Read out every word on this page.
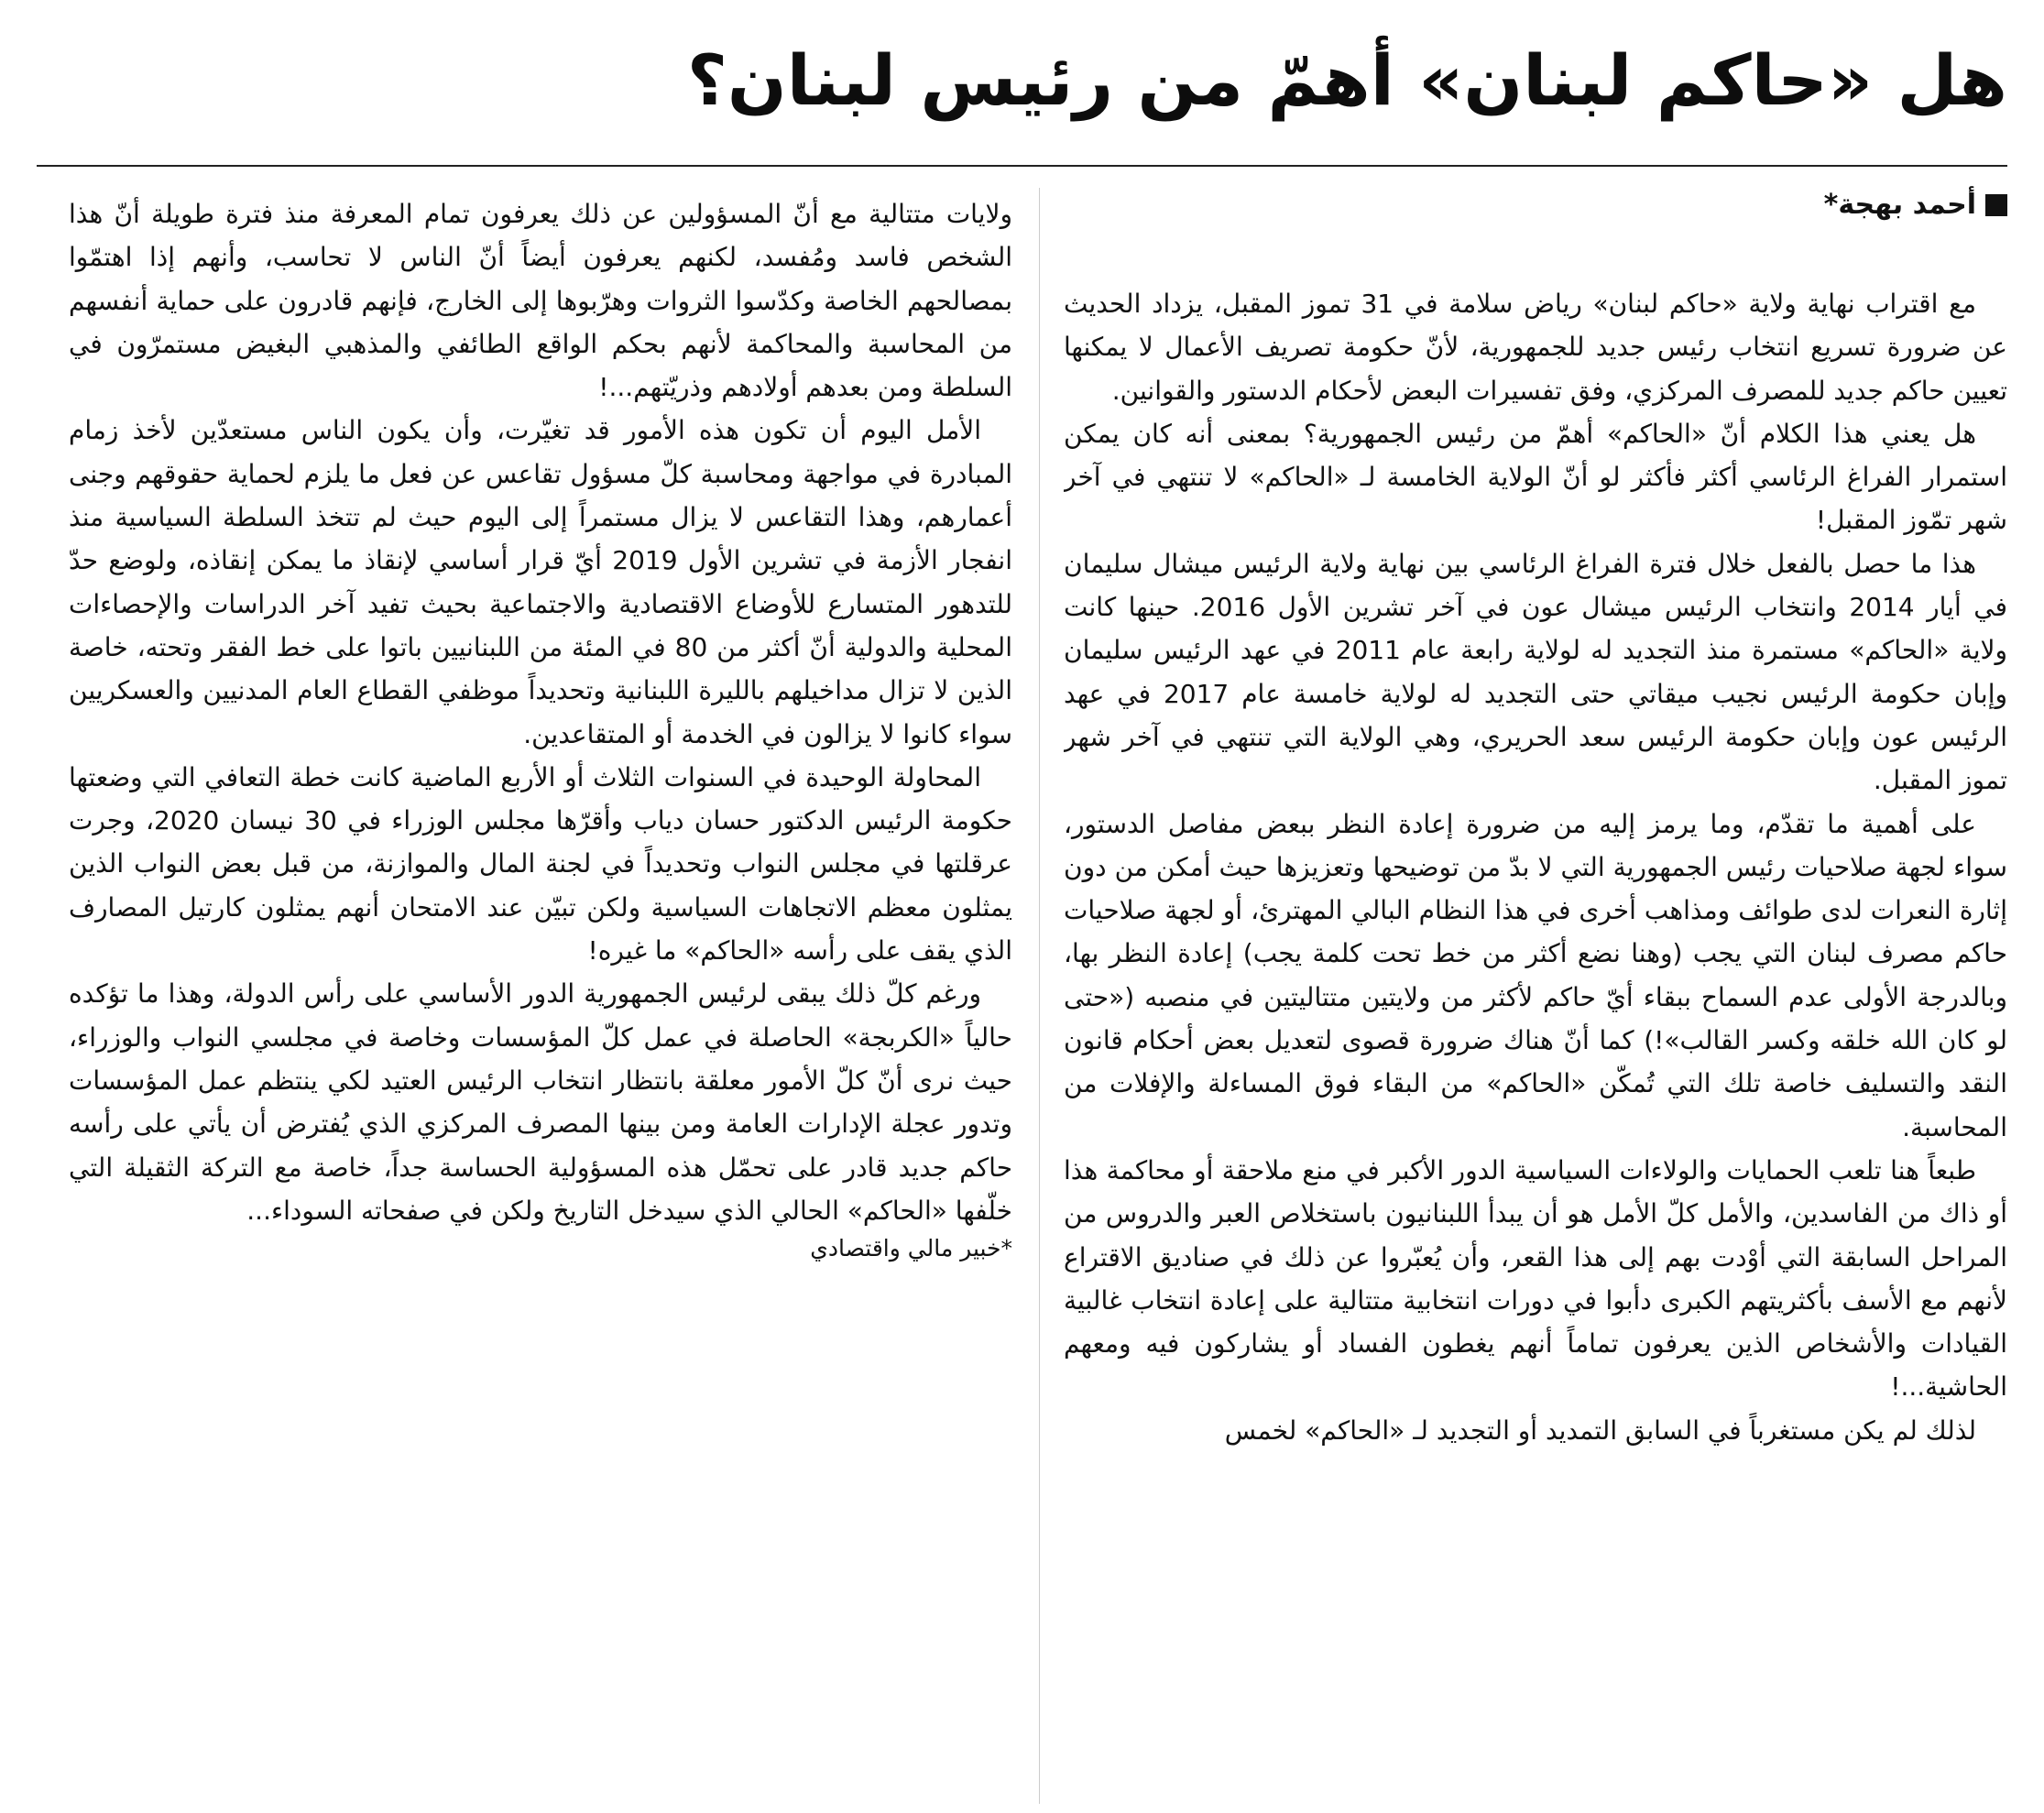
هل «حاكم لبنان» أهمّ من رئيس لبنان؟
أحمد بهجة*

مع اقتراب نهاية ولاية «حاكم لبنان» رياض سلامة في 31 تموز المقبل، يزداد الحديث عن ضرورة تسريع انتخاب رئيس جديد للجمهورية، لأنّ حكومة تصريف الأعمال لا يمكنها تعيين حاكم جديد للمصرف المركزي، وفق تفسيرات البعض لأحكام الدستور والقوانين.

هل يعني هذا الكلام أنّ «الحاكم» أهمّ من رئيس الجمهورية؟ بمعنى أنه كان يمكن استمرار الفراغ الرئاسي أكثر فأكثر لو أنّ الولاية الخامسة لـ «الحاكم» لا تنتهي في آخر شهر تمّوز المقبل!

هذا ما حصل بالفعل خلال فترة الفراغ الرئاسي بين نهاية ولاية الرئيس ميشال سليمان في أيار 2014 وانتخاب الرئيس ميشال عون في آخر تشرين الأول 2016. حينها كانت ولاية «الحاكم» مستمرة منذ التجديد له لولاية رابعة عام 2011 في عهد الرئيس سليمان وإبان حكومة الرئيس نجيب ميقاتي حتى التجديد له لولاية خامسة عام 2017 في عهد الرئيس عون وإبان حكومة الرئيس سعد الحريري، وهي الولاية التي تنتهي في آخر شهر تموز المقبل.

على أهمية ما تقدّم، وما يرمز إليه من ضرورة إعادة النظر ببعض مفاصل الدستور، سواء لجهة صلاحيات رئيس الجمهورية التي لا بدّ من توضيحها وتعزيزها حيث أمكن من دون إثارة النعرات لدى طوائف ومذاهب أخرى في هذا النظام البالي المهترئ، أو لجهة صلاحيات حاكم مصرف لبنان التي يجب (وهنا نضع أكثر من خط تحت كلمة يجب) إعادة النظر بها، وبالدرجة الأولى عدم السماح ببقاء أيّ حاكم لأكثر من ولايتين متتاليتين في منصبه («حتى لو كان الله خلقه وكسر القالب»!) كما أنّ هناك ضرورة قصوى لتعديل بعض أحكام قانون النقد والتسليف خاصة تلك التي تُمكّن «الحاكم» من البقاء فوق المساءلة والإفلات من المحاسبة.

طبعاً هنا تلعب الحمايات والولاءات السياسية الدور الأكبر في منع ملاحقة أو محاكمة هذا أو ذاك من الفاسدين، والأمل كلّ الأمل هو أن يبدأ اللبنانيون باستخلاص العبر والدروس من المراحل السابقة التي أوْدت بهم إلى هذا القعر، وأن يُعبّروا عن ذلك في صناديق الاقتراع لأنهم مع الأسف بأكثريتهم الكبرى دأبوا في دورات انتخابية متتالية على إعادة انتخاب غالبية القيادات والأشخاص الذين يعرفون تماماً أنهم يغطون الفساد أو يشاركون فيه ومعهم الحاشية...!

لذلك لم يكن مستغرباً في السابق التمديد أو التجديد لـ «الحاكم» لخمس

ولايات متتالية مع أنّ المسؤولين عن ذلك يعرفون تمام المعرفة منذ فترة طويلة أنّ هذا الشخص فاسد ومُفسد، لكنهم يعرفون أيضاً أنّ الناس لا تحاسب، وأنهم إذا اهتمّوا بمصالحهم الخاصة وكدّسوا الثروات وهرّبوها إلى الخارج، فإنهم قادرون على حماية أنفسهم من المحاسبة والمحاكمة لأنهم بحكم الواقع الطائفي والمذهبي البغيض مستمرّون في السلطة ومن بعدهم أولادهم وذريّتهم...!

الأمل اليوم أن تكون هذه الأمور قد تغيّرت، وأن يكون الناس مستعدّين لأخذ زمام المبادرة في مواجهة ومحاسبة كلّ مسؤول تقاعس عن فعل ما يلزم لحماية حقوقهم وجنى أعمارهم، وهذا التقاعس لا يزال مستمراً إلى اليوم حيث لم تتخذ السلطة السياسية منذ انفجار الأزمة في تشرين الأول 2019 أيّ قرار أساسي لإنقاذ ما يمكن إنقاذه، ولوضع حدّ للتدهور المتسارع للأوضاع الاقتصادية والاجتماعية بحيث تفيد آخر الدراسات والإحصاءات المحلية والدولية أنّ أكثر من 80 في المئة من اللبنانيين باتوا على خط الفقر وتحته، خاصة الذين لا تزال مداخيلهم بالليرة اللبنانية وتحديداً موظفي القطاع العام المدنيين والعسكريين سواء كانوا لا يزالون في الخدمة أو المتقاعدين.

المحاولة الوحيدة في السنوات الثلاث أو الأربع الماضية كانت خطة التعافي التي وضعتها حكومة الرئيس الدكتور حسان دياب وأقرّها مجلس الوزراء في 30 نيسان 2020، وجرت عرقلتها في مجلس النواب وتحديداً في لجنة المال والموازنة، من قبل بعض النواب الذين يمثلون معظم الاتجاهات السياسية ولكن تبيّن عند الامتحان أنهم يمثلون كارتيل المصارف الذي يقف على رأسه «الحاكم» ما غيره!

ورغم كلّ ذلك يبقى لرئيس الجمهورية الدور الأساسي على رأس الدولة، وهذا ما تؤكده حالياً «الكربجة» الحاصلة في عمل كلّ المؤسسات وخاصة في مجلسي النواب والوزراء، حيث نرى أنّ كلّ الأمور معلقة بانتظار انتخاب الرئيس العتيد لكي ينتظم عمل المؤسسات وتدور عجلة الإدارات العامة ومن بينها المصرف المركزي الذي يُفترض أن يأتي على رأسه حاكم جديد قادر على تحمّل هذه المسؤولية الحساسة جداً، خاصة مع التركة الثقيلة التي خلّفها «الحاكم» الحالي الذي سيدخل التاريخ ولكن في صفحاته السوداء...

*خبير مالي واقتصادي
